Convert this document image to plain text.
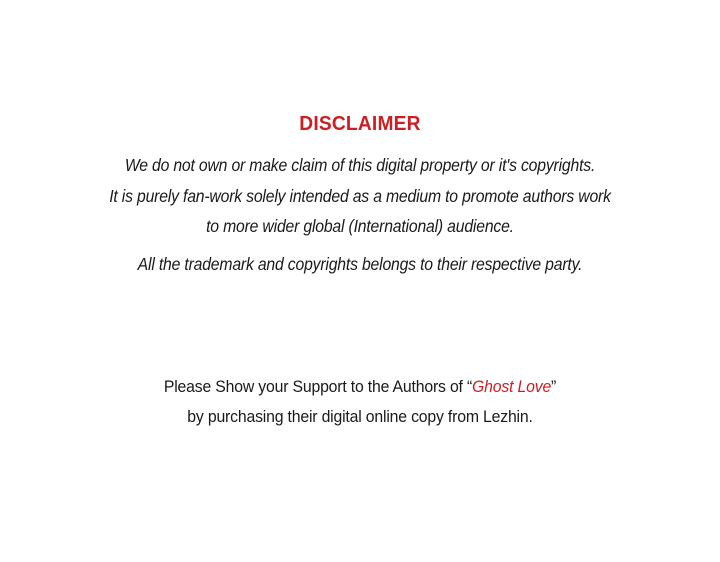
DISCLAIMER
We do not own or make claim of this digital property or it's copyrights.
It is purely fan-work solely intended as a medium to promote authors work
to more wider global (International) audience.
All the trademark and copyrights belongs to their respective party.
Please Show your Support to the Authors of “Ghost Love”
by purchasing their digital online copy from Lezhin.
